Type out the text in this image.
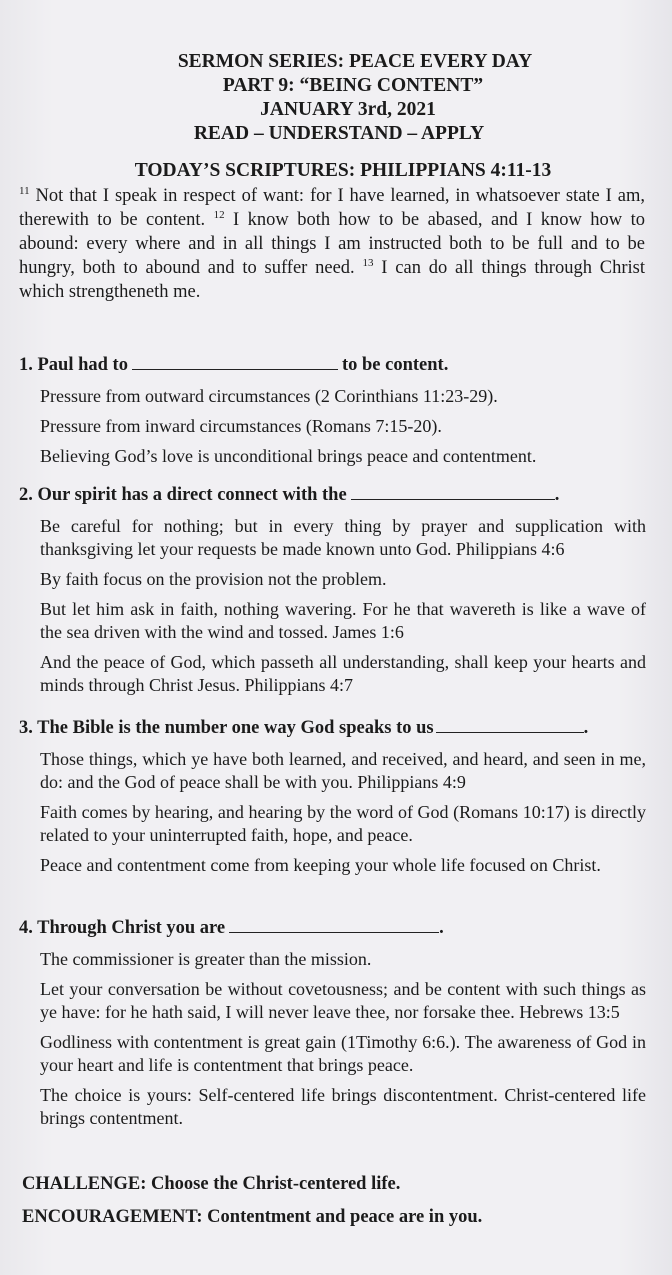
SERMON SERIES: PEACE EVERY DAY
PART 9: “BEING CONTENT”
JANUARY 3rd, 2021
READ – UNDERSTAND – APPLY
TODAY’S SCRIPTURES: PHILIPPIANS 4:11-13
$^{11}$ Not that I speak in respect of want: for I have learned, in whatsoever state I am, therewith to be content. $^{12}$ I know both how to be abased, and I know how to abound: every where and in all things I am instructed both to be full and to be hungry, both to abound and to suffer need. $^{13}$ I can do all things through Christ which strengtheneth me.
1. Paul had to	to be content.
Pressure from outward circumstances (2 Corinthians 11:23-29).
Pressure from inward circumstances (Romans 7:15-20).
Believing God’s love is unconditional brings peace and contentment.
2. Our spirit has a direct connect with the	.
Be careful for nothing; but in every thing by prayer and supplication with thanksgiving let your requests be made known unto God. Philippians 4:6
By faith focus on the provision not the problem.
But let him ask in faith, nothing wavering. For he that wavereth is like a wave of the sea driven with the wind and tossed. James 1:6
And the peace of God, which passeth all understanding, shall keep your hearts and minds through Christ Jesus. Philippians 4:7
3. The Bible is the number one way God speaks to us	.
Those things, which ye have both learned, and received, and heard, and seen in me, do: and the God of peace shall be with you. Philippians 4:9
Faith comes by hearing, and hearing by the word of God (Romans 10:17) is directly related to your uninterrupted faith, hope, and peace.
Peace and contentment come from keeping your whole life focused on Christ.
4. Through Christ you are	.
The commissioner is greater than the mission.
Let your conversation be without covetousness; and be content with such things as ye have: for he hath said, I will never leave thee, nor forsake thee. Hebrews 13:5
Godliness with contentment is great gain (1Timothy 6:6.). The awareness of God in your heart and life is contentment that brings peace.
The choice is yours: Self-centered life brings discontentment. Christ-centered life brings contentment.
CHALLENGE: Choose the Christ-centered life.
ENCOURAGEMENT: Contentment and peace are in you.
